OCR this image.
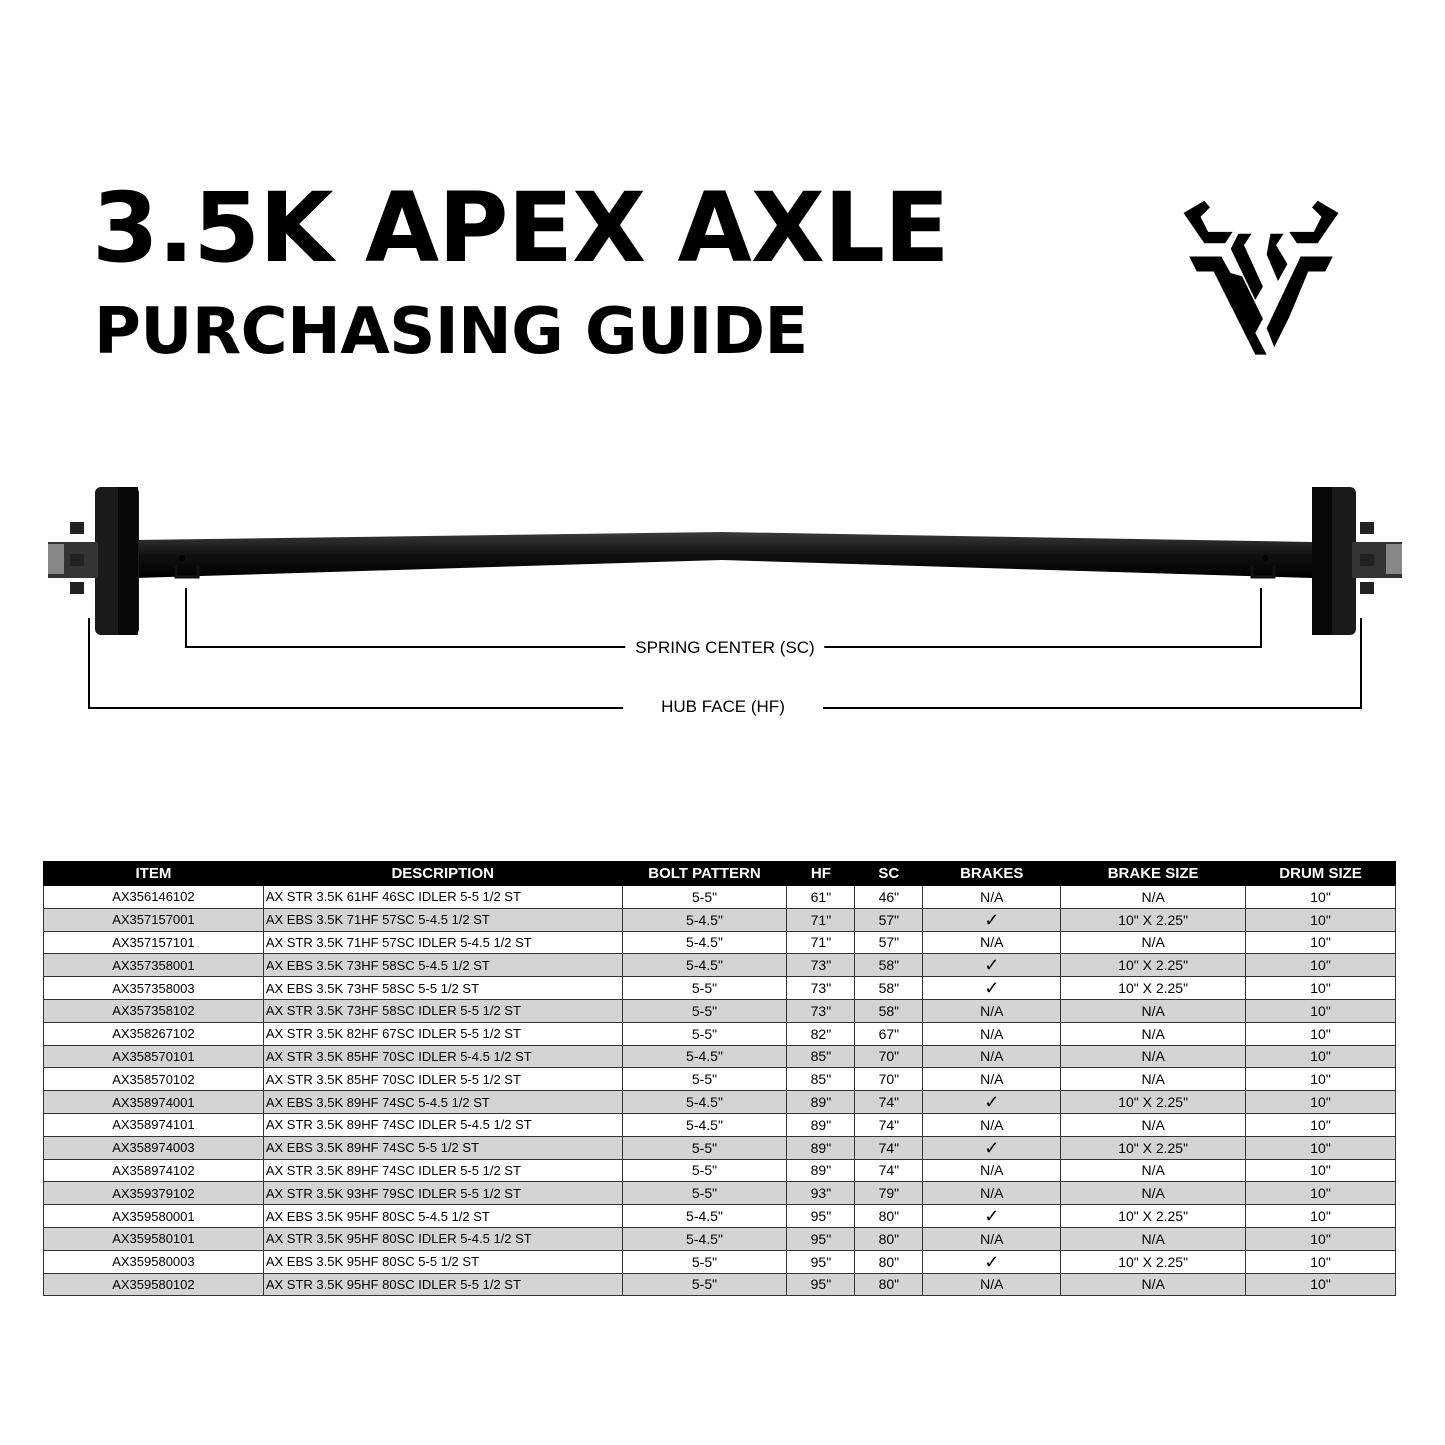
3.5K APEX AXLE
PURCHASING GUIDE
SPRING CENTER (SC)
HUB FACE (HF)
ITEM	DESCRIPTION	BOLT PATTERN	HF	SC	BRAKES	BRAKE SIZE	DRUM SIZE
AX356146102	AX STR 3.5K 61HF 46SC IDLER 5-5 1/2 ST	5-5"	61"	46"	N/A	N/A	10"
AX357157001	AX EBS 3.5K 71HF 57SC 5-4.5 1/2 ST	5-4.5"	71"	57"	✓	10" X 2.25"	10"
AX357157101	AX STR 3.5K 71HF 57SC IDLER 5-4.5 1/2 ST	5-4.5"	71"	57"	N/A	N/A	10"
AX357358001	AX EBS 3.5K 73HF 58SC 5-4.5 1/2 ST	5-4.5"	73"	58"	✓	10" X 2.25"	10"
AX357358003	AX EBS 3.5K 73HF 58SC 5-5 1/2 ST	5-5"	73"	58"	✓	10" X 2.25"	10"
AX357358102	AX STR 3.5K 73HF 58SC IDLER 5-5 1/2 ST	5-5"	73"	58"	N/A	N/A	10"
AX358267102	AX STR 3.5K 82HF 67SC IDLER 5-5 1/2 ST	5-5"	82"	67"	N/A	N/A	10"
AX358570101	AX STR 3.5K 85HF 70SC IDLER 5-4.5 1/2 ST	5-4.5"	85"	70"	N/A	N/A	10"
AX358570102	AX STR 3.5K 85HF 70SC IDLER 5-5 1/2 ST	5-5"	85"	70"	N/A	N/A	10"
AX358974001	AX EBS 3.5K 89HF 74SC 5-4.5 1/2 ST	5-4.5"	89"	74"	✓	10" X 2.25"	10"
AX358974101	AX STR 3.5K 89HF 74SC IDLER 5-4.5 1/2 ST	5-4.5"	89"	74"	N/A	N/A	10"
AX358974003	AX EBS 3.5K 89HF 74SC 5-5 1/2 ST	5-5"	89"	74"	✓	10" X 2.25"	10"
AX358974102	AX STR 3.5K 89HF 74SC IDLER 5-5 1/2 ST	5-5"	89"	74"	N/A	N/A	10"
AX359379102	AX STR 3.5K 93HF 79SC IDLER 5-5 1/2 ST	5-5"	93"	79"	N/A	N/A	10"
AX359580001	AX EBS 3.5K 95HF 80SC 5-4.5 1/2 ST	5-4.5"	95"	80"	✓	10" X 2.25"	10"
AX359580101	AX STR 3.5K 95HF 80SC IDLER 5-4.5 1/2 ST	5-4.5"	95"	80"	N/A	N/A	10"
AX359580003	AX EBS 3.5K 95HF 80SC 5-5 1/2 ST	5-5"	95"	80"	✓	10" X 2.25"	10"
AX359580102	AX STR 3.5K 95HF 80SC IDLER 5-5 1/2 ST	5-5"	95"	80"	N/A	N/A	10"
